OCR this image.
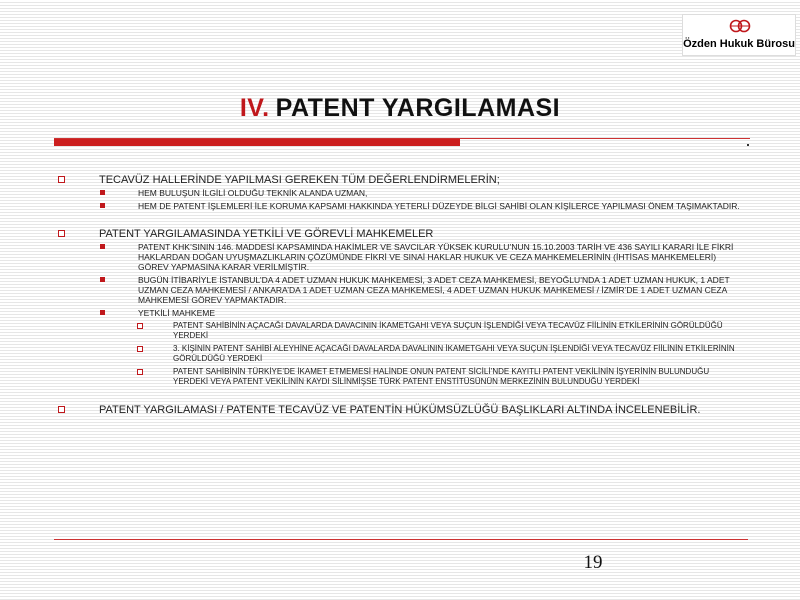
Özden Hukuk Bürosu
IV. PATENT YARGILAMASI
TECAVÜZ HALLERİNDE YAPILMASI GEREKEN TÜM DEĞERLENDİRMELERİN;
HEM BULUŞUN İLGİLİ OLDUĞU TEKNİK ALANDA UZMAN,
HEM DE PATENT İŞLEMLERİ İLE KORUMA KAPSAMI HAKKINDA YETERLİ DÜZEYDE BİLGİ SAHİBİ OLAN KİŞİLERCE YAPILMASI ÖNEM TAŞIMAKTADIR.
PATENT YARGILAMASINDA YETKİLİ VE GÖREVLİ MAHKEMELER
PATENT KHK’SININ 146. MADDESİ KAPSAMINDA HAKİMLER VE SAVCILAR YÜKSEK KURULU’NUN 15.10.2003 TARİH VE 436 SAYILI KARARI İLE FİKRİ HAKLARDAN DOĞAN UYUŞMAZLIKLARIN ÇÖZÜMÜNDE FİKRİ VE SINAİ HAKLAR HUKUK VE CEZA MAHKEMELERİNİN (İHTİSAS MAHKEMELERİ) GÖREV YAPMASINA KARAR VERİLMİŞTİR.
BUGÜN İTİBARİYLE İSTANBUL’DA 4 ADET UZMAN HUKUK MAHKEMESİ, 3 ADET CEZA MAHKEMESİ, BEYOĞLU’NDA 1 ADET UZMAN HUKUK, 1 ADET UZMAN CEZA MAHKEMESİ / ANKARA’DA 1 ADET UZMAN CEZA MAHKEMESİ, 4 ADET UZMAN HUKUK MAHKEMESİ / İZMİR’DE 1 ADET UZMAN CEZA MAHKEMESİ GÖREV YAPMAKTADIR.
YETKİLİ MAHKEME
PATENT SAHİBİNİN AÇACAĞI DAVALARDA DAVACININ İKAMETGAHI VEYA SUÇUN İŞLENDİĞİ VEYA TECAVÜZ FİİLİNİN ETKİLERİNİN GÖRÜLDÜĞÜ YERDEKİ
3. KİŞİNİN PATENT SAHİBİ ALEYHİNE AÇACAĞI DAVALARDA DAVALININ İKAMETGAHI VEYA SUÇUN İŞLENDİĞİ VEYA TECAVÜZ FİİLİNİN ETKİLERİNİN GÖRÜLDÜĞÜ YERDEKİ
PATENT SAHİBİNİN TÜRKİYE’DE İKAMET ETMEMESİ HALİNDE ONUN PATENT SİCİLİ’NDE KAYITLI PATENT VEKİLİNİN İŞYERİNİN BULUNDUĞU YERDEKİ VEYA PATENT VEKİLİNİN KAYDI SİLİNMİŞSE TÜRK PATENT ENSTİTÜSÜNÜN MERKEZİNİN BULUNDUĞU YERDEKİ
PATENT YARGILAMASI / PATENTE TECAVÜZ VE PATENTİN HÜKÜMSÜZLÜĞÜ BAŞLIKLARI ALTINDA İNCELENEBİLİR.
19
